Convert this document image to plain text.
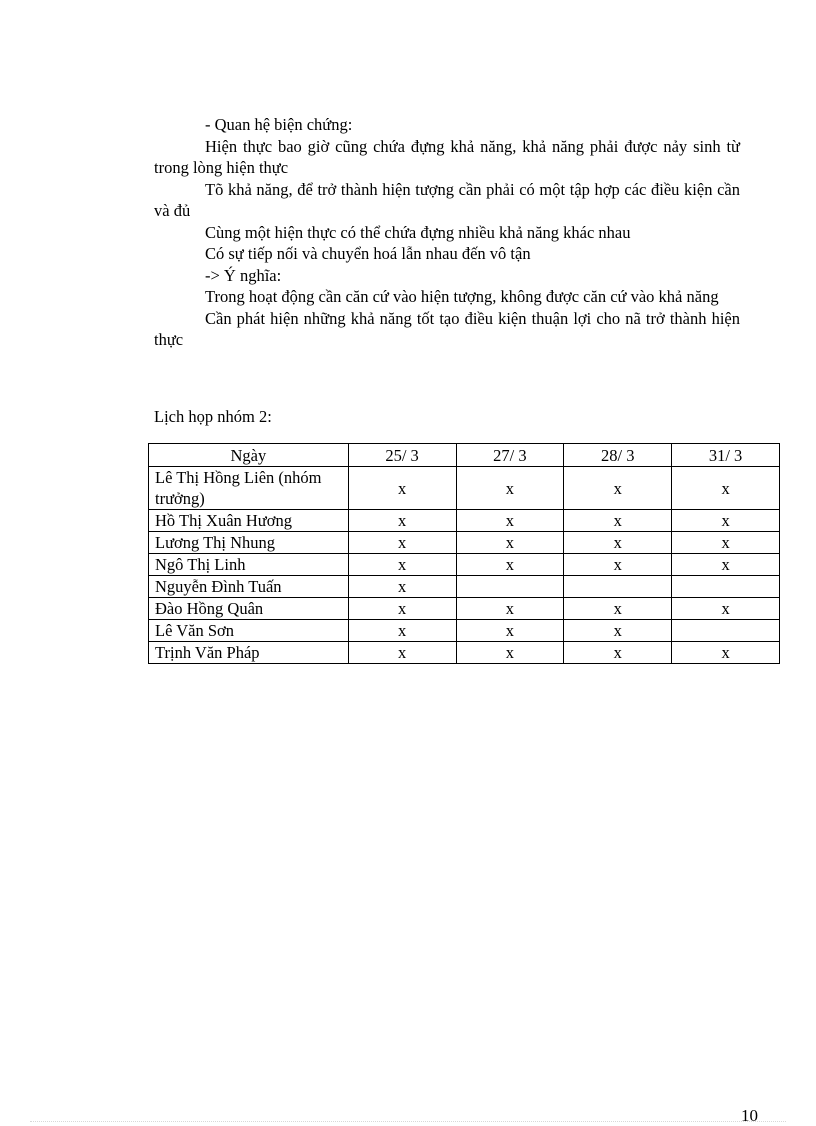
- Quan hệ biện chứng:

Hiện thực bao giờ cũng chứa đựng khả năng, khả năng phải được nảy sinh từ trong lòng hiện thực

Tõ khả năng, để trở thành hiện tượng cần phải có một tập hợp các điều kiện cần và đủ

Cùng một hiện thực có thể chứa đựng nhiều khả năng khác nhau

Có sự tiếp nối và chuyển hoá lẫn nhau đến vô tận

-> Ý nghĩa:

Trong hoạt động cần căn cứ vào hiện tượng, không được căn cứ vào khả năng

Cần phát hiện những khả năng tốt tạo điều kiện thuận lợi cho nã trở thành hiện thực

Lịch họp nhóm 2:
Ngày	25/ 3	27/ 3	28/ 3	31/ 3
Lê Thị Hồng Liên (nhóm trưởng)	x	x	x	x
Hồ Thị Xuân Hương	x	x	x	x
Lương Thị Nhung	x	x	x	x
Ngô Thị Linh	x	x	x	x
Nguyễn Đình Tuấn	x			
Đào Hồng Quân	x	x	x	x
Lê Văn Sơn	x	x	x	
Trịnh Văn Pháp	x	x	x	x
10
